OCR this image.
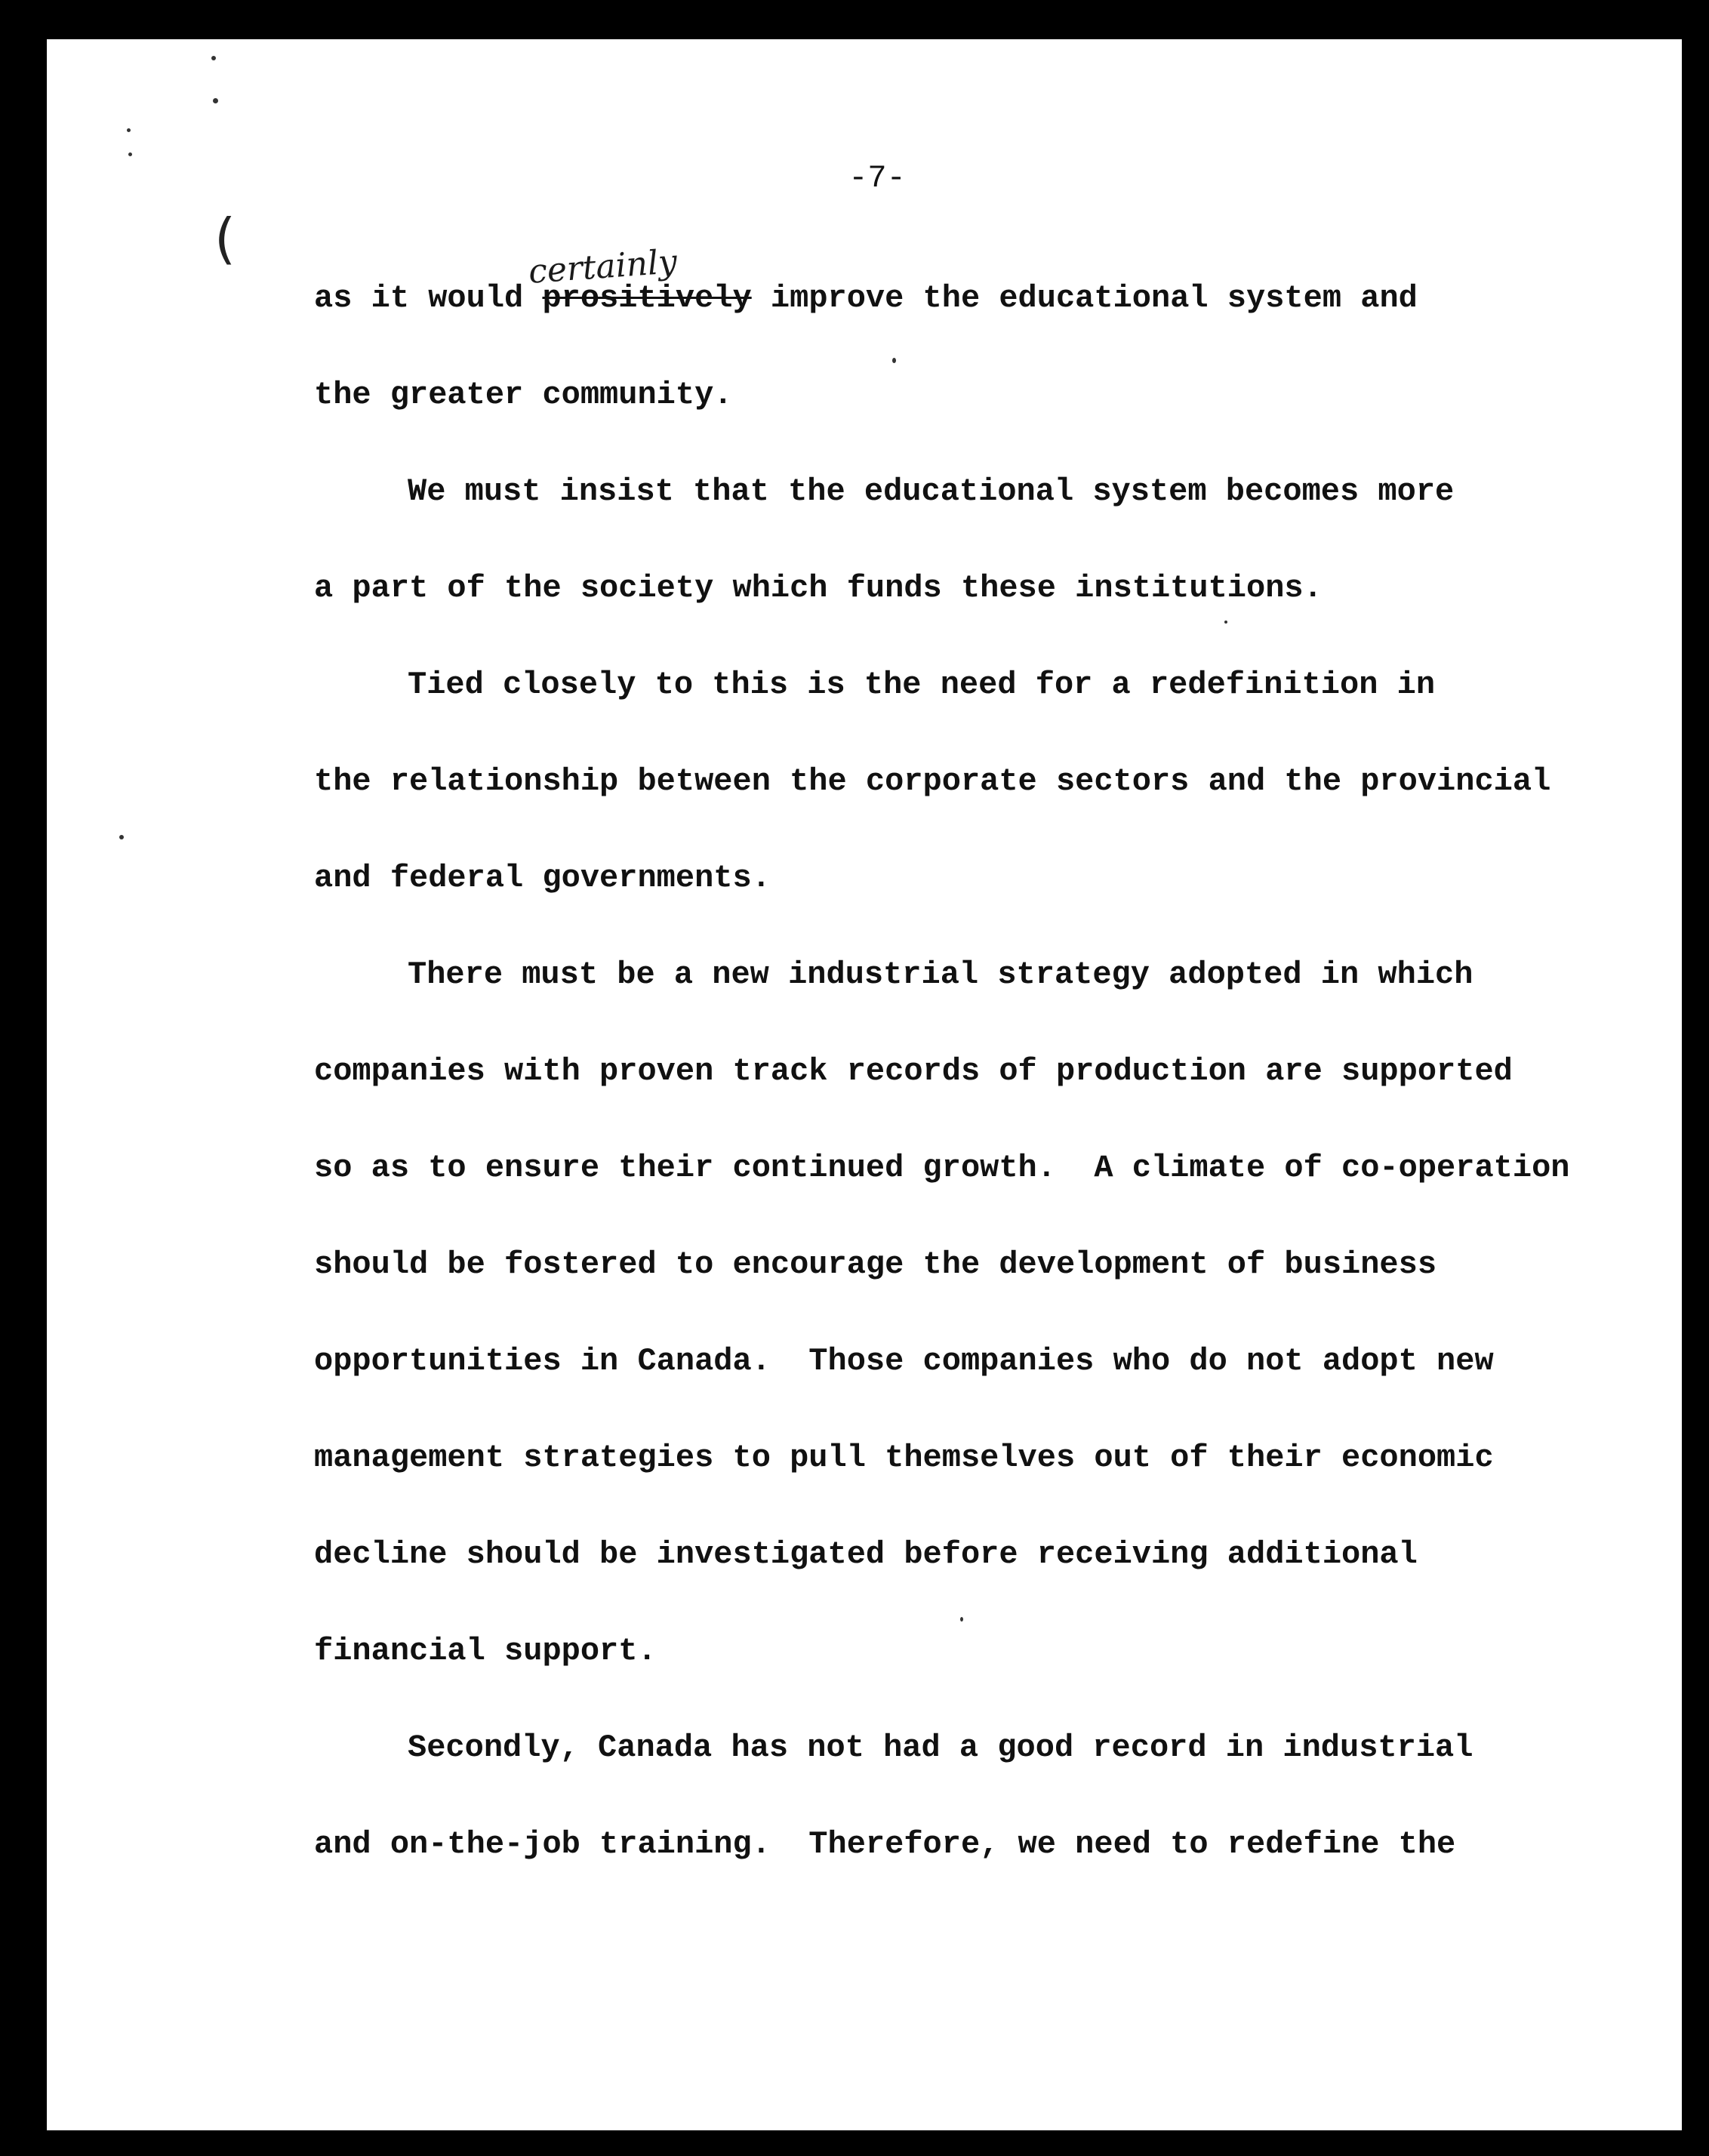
(
-7-
certainly
as it would prositively improve the educational system and
the greater community.
We must insist that the educational system becomes more
a part of the society which funds these institutions.
Tied closely to this is the need for a redefinition in
the relationship between the corporate sectors and the provincial
and federal governments.
There must be a new industrial strategy adopted in which
companies with proven track records of production are supported
so as to ensure their continued growth.  A climate of co-operation
should be fostered to encourage the development of business
opportunities in Canada.  Those companies who do not adopt new
management strategies to pull themselves out of their economic
decline should be investigated before receiving additional
financial support.
Secondly, Canada has not had a good record in industrial
and on-the-job training.  Therefore, we need to redefine the
